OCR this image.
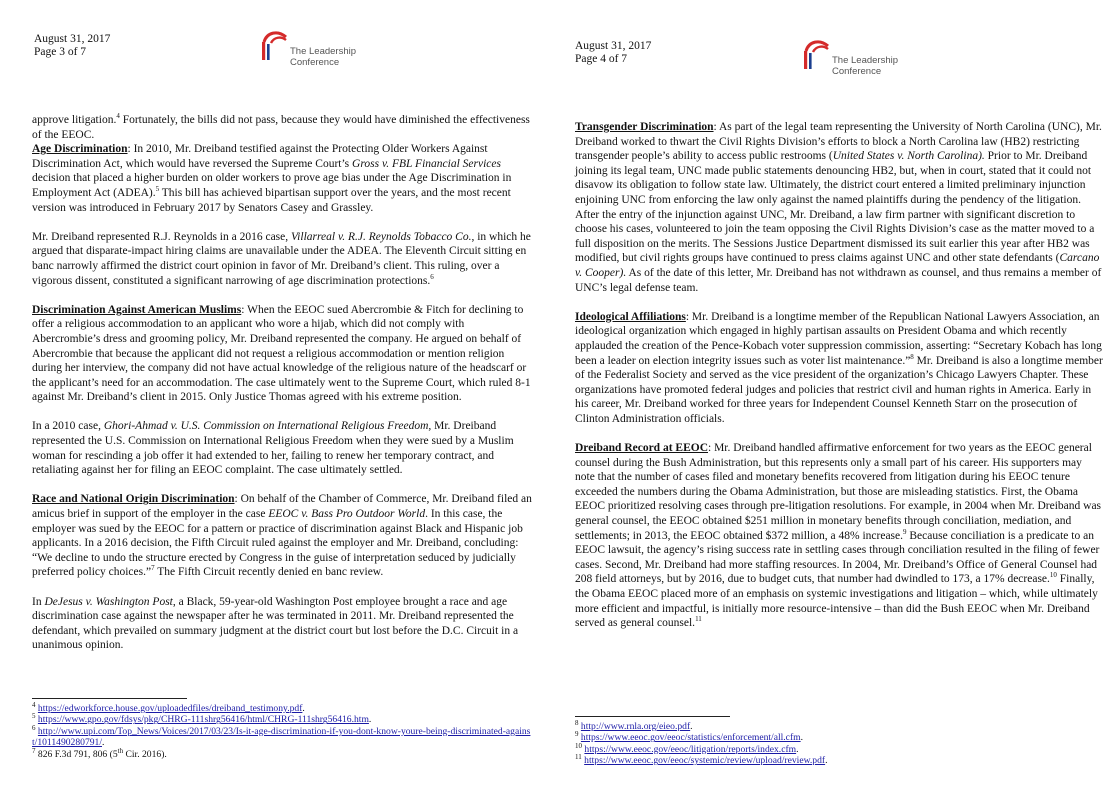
August 31, 2017
Page 3 of 7	The Leadership
Conference

approve litigation.$^4$ Fortunately, the bills did not pass, because they would have diminished the effectiveness of the EEOC.

Age Discrimination: In 2010, Mr. Dreiband testified against the Protecting Older Workers Against Discrimination Act, which would have reversed the Supreme Court’s Gross v. FBL Financial Services decision that placed a higher burden on older workers to prove age bias under the Age Discrimination in Employment Act (ADEA).$^5$ This bill has achieved bipartisan support over the years, and the most recent version was introduced in February 2017 by Senators Casey and Grassley.

Mr. Dreiband represented R.J. Reynolds in a 2016 case, Villarreal v. R.J. Reynolds Tobacco Co., in which he argued that disparate-impact hiring claims are unavailable under the ADEA. The Eleventh Circuit sitting en banc narrowly affirmed the district court opinion in favor of Mr. Dreiband’s client. This ruling, over a vigorous dissent, constituted a significant narrowing of age discrimination protections.$^6$

Discrimination Against American Muslims: When the EEOC sued Abercrombie & Fitch for declining to offer a religious accommodation to an applicant who wore a hijab, which did not comply with Abercrombie’s dress and grooming policy, Mr. Dreiband represented the company. He argued on behalf of Abercrombie that because the applicant did not request a religious accommodation or mention religion during her interview, the company did not have actual knowledge of the religious nature of the headscarf or the applicant’s need for an accommodation. The case ultimately went to the Supreme Court, which ruled 8-1 against Mr. Dreiband’s client in 2015. Only Justice Thomas agreed with his extreme position.

In a 2010 case, Ghori-Ahmad v. U.S. Commission on International Religious Freedom, Mr. Dreiband represented the U.S. Commission on International Religious Freedom when they were sued by a Muslim woman for rescinding a job offer it had extended to her, failing to renew her temporary contract, and retaliating against her for filing an EEOC complaint. The case ultimately settled.

Race and National Origin Discrimination: On behalf of the Chamber of Commerce, Mr. Dreiband filed an amicus brief in support of the employer in the case EEOC v. Bass Pro Outdoor World. In this case, the employer was sued by the EEOC for a pattern or practice of discrimination against Black and Hispanic job applicants. In a 2016 decision, the Fifth Circuit ruled against the employer and Mr. Dreiband, concluding: “We decline to undo the structure erected by Congress in the guise of interpretation seduced by judicially preferred policy choices.”$^7$ The Fifth Circuit recently denied en banc review.

In DeJesus v. Washington Post, a Black, 59-year-old Washington Post employee brought a race and age discrimination case against the newspaper after he was terminated in 2011. Mr. Dreiband represented the defendant, which prevailed on summary judgment at the district court but lost before the D.C. Circuit in a unanimous opinion.

$^4$ https://edworkforce.house.gov/uploadedfiles/dreiband_testimony.pdf.
$^5$ https://www.gpo.gov/fdsys/pkg/CHRG-111shrg56416/html/CHRG-111shrg56416.htm.
$^6$ http://www.upi.com/Top_News/Voices/2017/03/23/Is-it-age-discrimination-if-you-dont-know-youre-being-discriminated-against/1011490280791/.
$^7$ 826 F.3d 791, 806 (5th Cir. 2016).
August 31, 2017
Page 4 of 7	The Leadership
Conference

Transgender Discrimination: As part of the legal team representing the University of North Carolina (UNC), Mr. Dreiband worked to thwart the Civil Rights Division’s efforts to block a North Carolina law (HB2) restricting transgender people’s ability to access public restrooms (United States v. North Carolina). Prior to Mr. Dreiband joining its legal team, UNC made public statements denouncing HB2, but, when in court, stated that it could not disavow its obligation to follow state law. Ultimately, the district court entered a limited preliminary injunction enjoining UNC from enforcing the law only against the named plaintiffs during the pendency of the litigation. After the entry of the injunction against UNC, Mr. Dreiband, a law firm partner with significant discretion to choose his cases, volunteered to join the team opposing the Civil Rights Division’s case as the matter moved to a full disposition on the merits. The Sessions Justice Department dismissed its suit earlier this year after HB2 was modified, but civil rights groups have continued to press claims against UNC and other state defendants (Carcano v. Cooper). As of the date of this letter, Mr. Dreiband has not withdrawn as counsel, and thus remains a member of UNC’s legal defense team.

Ideological Affiliations: Mr. Dreiband is a longtime member of the Republican National Lawyers Association, an ideological organization which engaged in highly partisan assaults on President Obama and which recently applauded the creation of the Pence-Kobach voter suppression commission, asserting: “Secretary Kobach has long been a leader on election integrity issues such as voter list maintenance.”$^8$ Mr. Dreiband is also a longtime member of the Federalist Society and served as the vice president of the organization’s Chicago Lawyers Chapter. These organizations have promoted federal judges and policies that restrict civil and human rights in America. Early in his career, Mr. Dreiband worked for three years for Independent Counsel Kenneth Starr on the prosecution of Clinton Administration officials.

Dreiband Record at EEOC: Mr. Dreiband handled affirmative enforcement for two years as the EEOC general counsel during the Bush Administration, but this represents only a small part of his career. His supporters may note that the number of cases filed and monetary benefits recovered from litigation during his EEOC tenure exceeded the numbers during the Obama Administration, but those are misleading statistics. First, the Obama EEOC prioritized resolving cases through pre-litigation resolutions. For example, in 2004 when Mr. Dreiband was general counsel, the EEOC obtained $251 million in monetary benefits through conciliation, mediation, and settlements; in 2013, the EEOC obtained $372 million, a 48% increase.$^9$ Because conciliation is a predicate to an EEOC lawsuit, the agency’s rising success rate in settling cases through conciliation resulted in the filing of fewer cases. Second, Mr. Dreiband had more staffing resources. In 2004, Mr. Dreiband’s Office of General Counsel had 208 field attorneys, but by 2016, due to budget cuts, that number had dwindled to 173, a 17% decrease.$^{10}$ Finally, the Obama EEOC placed more of an emphasis on systemic investigations and litigation – which, while ultimately more efficient and impactful, is initially more resource-intensive – than did the Bush EEOC when Mr. Dreiband served as general counsel.$^{11}$

$^8$ http://www.rnla.org/eieo.pdf.
$^9$ https://www.eeoc.gov/eeoc/statistics/enforcement/all.cfm.
$^{10}$ https://www.eeoc.gov/eeoc/litigation/reports/index.cfm.
$^{11}$ https://www.eeoc.gov/eeoc/systemic/review/upload/review.pdf.
